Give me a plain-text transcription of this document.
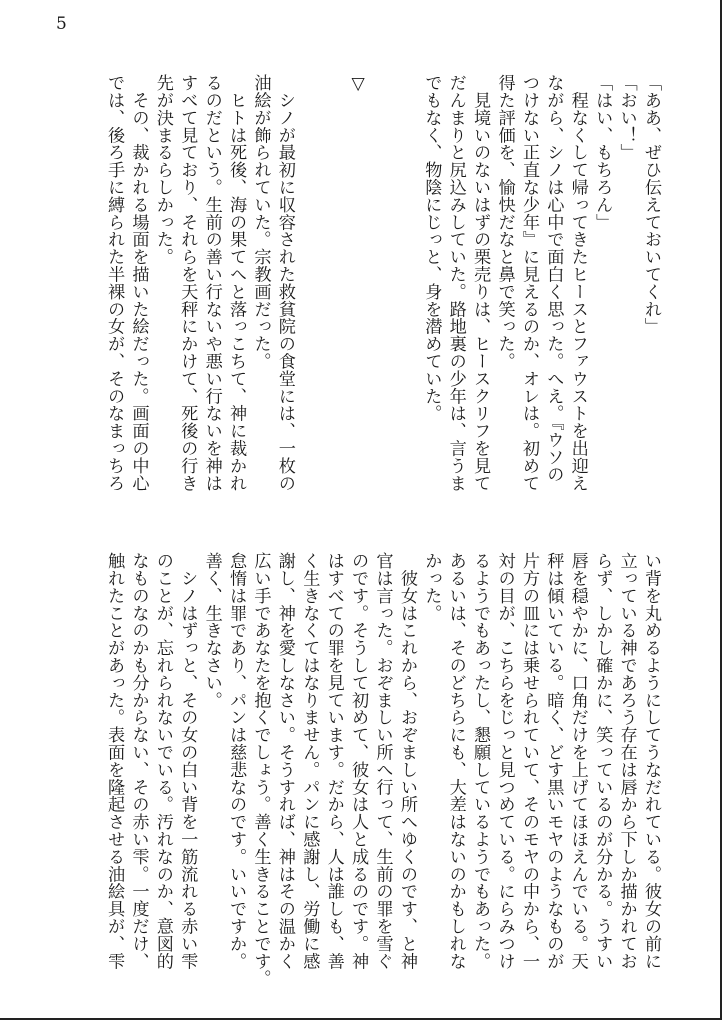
5
「ああ、ぜひ伝えておいてくれ」
「おい！」
「はい、もちろん」
　程なくして帰ってきたヒースとファウストを出迎え
ながら、シノは心中で面白く思った。へえ。『ウソの
つけない正直な少年』に見えるのか、オレは。初めて
得た評価を、愉快だなと鼻で笑った。
　見境いのないはずの栗売りは、ヒースクリフを見て
だんまりと尻込みしていた。路地裏の少年は、言うま
でもなく、物陰にじっと、身を潜めていた。

▽

　シノが最初に収容された救貧院の食堂には、一枚の
油絵が飾られていた。宗教画だった。
　ヒトは死後、海の果てへと落っこちて、神に裁かれ
るのだという。生前の善い行ないや悪い行ないを神は
すべて見ており、それらを天秤にかけて、死後の行き
先が決まるらしかった。
　その、裁かれる場面を描いた絵だった。画面の中心
では、後ろ手に縛られた半裸の女が、そのなまっちろ
い背を丸めるようにしてうなだれている。彼女の前に
立っている神であろう存在は唇から下しか描かれてお
らず、しかし確かに、笑っているのが分かる。うすい
唇を穏やかに、口角だけを上げてほほえんでいる。天
秤は傾いている。暗く、どす黒いモヤのようなものが
片方の皿には乗せられていて、そのモヤの中から、一
対の目が、こちらをじっと見つめている。にらみつけ
るようでもあったし、懇願しているようでもあった。
あるいは、そのどちらにも、大差はないのかもしれな
かった。
　彼女はこれから、おぞましい所へゆくのです、と神
官は言った。おぞましい所へ行って、生前の罪を雪ぐ
のです。そうして初めて、彼女は人と成るのです。神
はすべての罪を見ています。だから、人は誰しも、善
く生きなくてはなりません。パンに感謝し、労働に感
謝し、神を愛しなさい。そうすれば、神はその温かく
広い手であなたを抱くでしょう。善く生きることです。
怠惰は罪であり、パンは慈悲なのです。いいですか。
善く、生きなさい。
　シノはずっと、その女の白い背を一筋流れる赤い雫
のことが、忘れられないでいる。汚れなのか、意図的
なものなのかも分からない、その赤い雫。一度だけ、
触れたことがあった。表面を隆起させる油絵具が、雫
